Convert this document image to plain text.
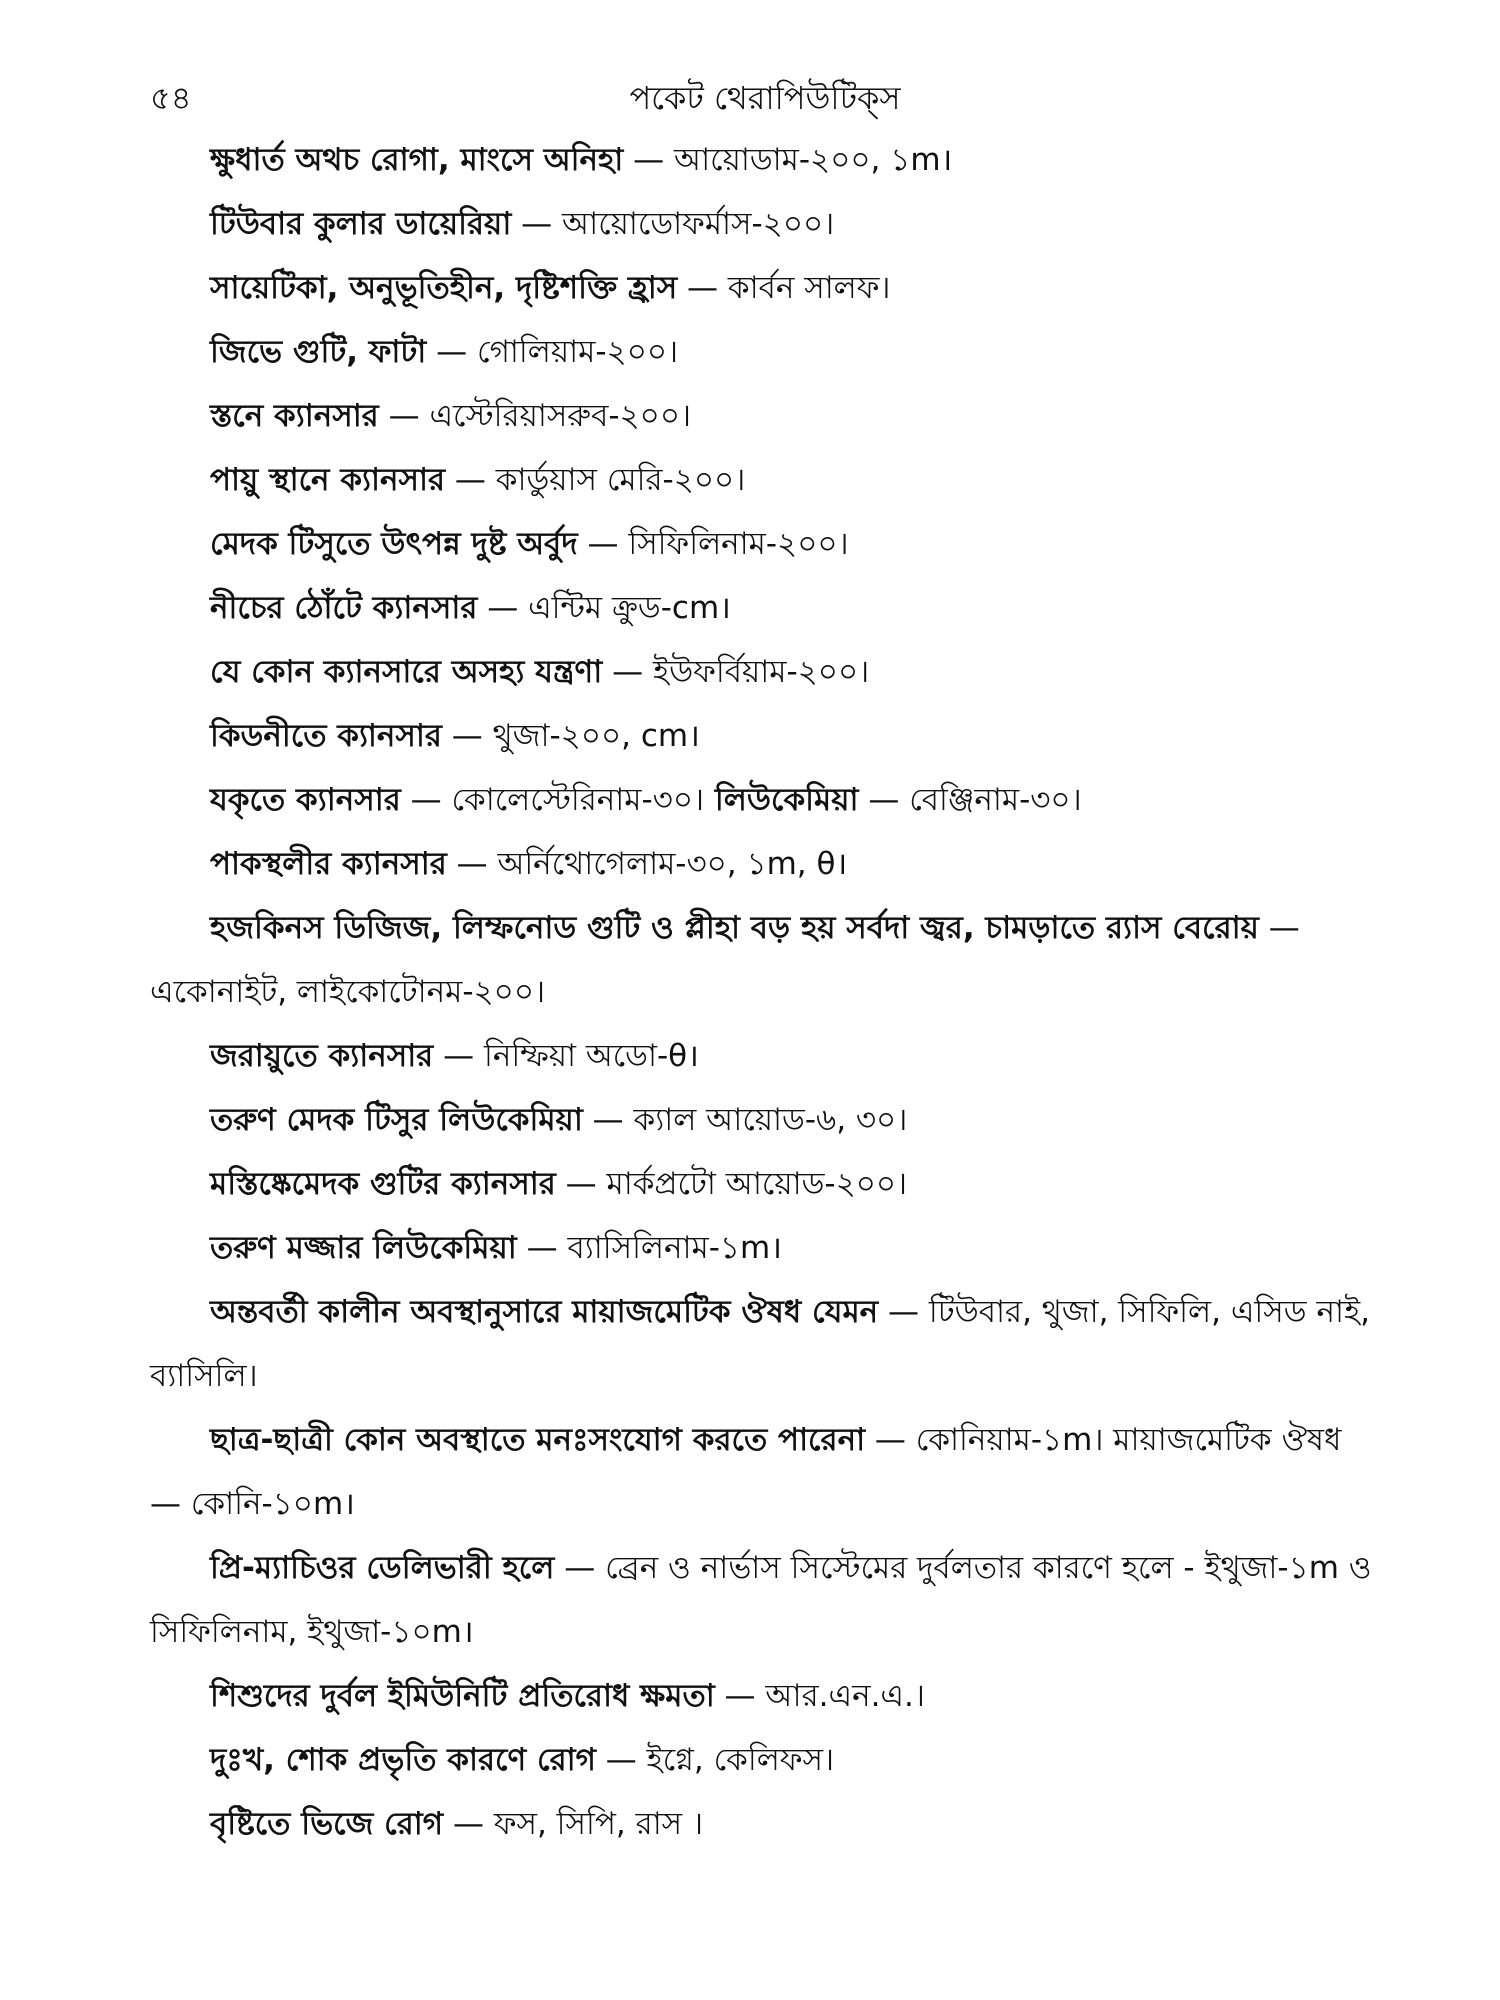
৫৪	পকেট থেরাপিউটিক্‌স
ক্ষুধার্ত অথচ রোগা, মাংসে অনিহা — আয়োডাম-২০০, ১m।
টিউবার কুলার ডায়েরিয়া — আয়োডোফর্মাস-২০০।
সায়েটিকা, অনুভূতিহীন, দৃষ্টিশক্তি হ্রাস — কার্বন সালফ।
জিভে গুটি, ফাটা — গোলিয়াম-২০০।
স্তনে ক্যানসার — এস্টেরিয়াসরুব-২০০।
পায়ু স্থানে ক্যানসার — কার্ডুয়াস মেরি-২০০।
মেদক টিসুতে উৎপন্ন দুষ্ট অর্বুদ — সিফিলিনাম-২০০।
নীচের ঠোঁটে ক্যানসার — এন্টিম ক্রুড-cm।
যে কোন ক্যানসারে অসহ্য যন্ত্রণা — ইউফর্বিয়াম-২০০।
কিডনীতে ক্যানসার — থুজা-২০০, cm।
যকৃতে ক্যানসার — কোলেস্টেরিনাম-৩০। লিউকেমিয়া — বেঞ্জিনাম-৩০।
পাকস্থলীর ক্যানসার — অর্নিথোগেলাম-৩০, ১m, θ।
হজকিনস ডিজিজ, লিম্ফনোড গুটি ও প্লীহা বড় হয় সর্বদা জ্বর, চামড়াতে র‍্যাস বেরোয় — একোনাইট, লাইকোটোনম-২০০।
জরায়ুতে ক্যানসার — নিম্ফিয়া অডো-θ।
তরুণ মেদক টিসুর লিউকেমিয়া — ক্যাল আয়োড-৬, ৩০।
মস্তিষ্কেমেদক গুটির ক্যানসার — মার্কপ্রটো আয়োড-২০০।
তরুণ মজ্জার লিউকেমিয়া — ব্যাসিলিনাম-১m।
অন্তবর্তী কালীন অবস্থানুসারে মায়াজমেটিক ঔষধ যেমন — টিউবার, থুজা, সিফিলি, এসিড নাই, ব্যাসিলি।
ছাত্র-ছাত্রী কোন অবস্থাতে মনঃসংযোগ করতে পারেনা — কোনিয়াম-১m। মায়াজমেটিক ঔষধ — কোনি-১০m।
প্রি-ম্যাচিওর ডেলিভারী হলে — ব্রেন ও নার্ভাস সিস্টেমের দুর্বলতার কারণে হলে - ইথুজা-১m ও সিফিলিনাম, ইথুজা-১০m।
শিশুদের দুর্বল ইমিউনিটি প্রতিরোধ ক্ষমতা — আর.এন.এ.।
দুঃখ, শোক প্রভৃতি কারণে রোগ — ইগ্নে, কেলিফস।
বৃষ্টিতে ভিজে রোগ — ফস, সিপি, রাস ।
